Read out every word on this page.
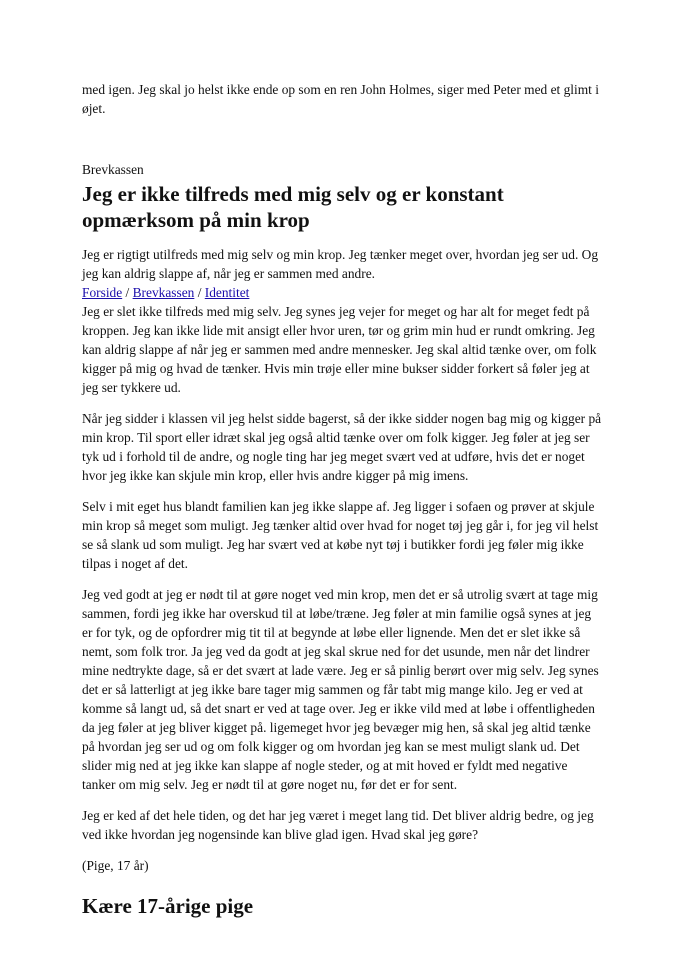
med igen. Jeg skal jo helst ikke ende op som en ren John Holmes, siger med Peter med et glimt i øjet.

Brevkassen

Jeg er ikke tilfreds med mig selv og er konstant opmærksom på min krop

Jeg er rigtigt utilfreds med mig selv og min krop. Jeg tænker meget over, hvordan jeg ser ud. Og jeg kan aldrig slappe af, når jeg er sammen med andre.

Forside / Brevkassen / Identitet

Jeg er slet ikke tilfreds med mig selv. Jeg synes jeg vejer for meget og har alt for meget fedt på kroppen. Jeg kan ikke lide mit ansigt eller hvor uren, tør og grim min hud er rundt omkring. Jeg kan aldrig slappe af når jeg er sammen med andre mennesker. Jeg skal altid tænke over, om folk kigger på mig og hvad de tænker. Hvis min trøje eller mine bukser sidder forkert så føler jeg at jeg ser tykkere ud.

Når jeg sidder i klassen vil jeg helst sidde bagerst, så der ikke sidder nogen bag mig og kigger på min krop. Til sport eller idræt skal jeg også altid tænke over om folk kigger. Jeg føler at jeg ser tyk ud i forhold til de andre, og nogle ting har jeg meget svært ved at udføre, hvis det er noget hvor jeg ikke kan skjule min krop, eller hvis andre kigger på mig imens.

Selv i mit eget hus blandt familien kan jeg ikke slappe af. Jeg ligger i sofaen og prøver at skjule min krop så meget som muligt. Jeg tænker altid over hvad for noget tøj jeg går i, for jeg vil helst se så slank ud som muligt. Jeg har svært ved at købe nyt tøj i butikker fordi jeg føler mig ikke tilpas i noget af det.

Jeg ved godt at jeg er nødt til at gøre noget ved min krop, men det er så utrolig svært at tage mig sammen, fordi jeg ikke har overskud til at løbe/træne. Jeg føler at min familie også synes at jeg er for tyk, og de opfordrer mig tit til at begynde at løbe eller lignende. Men det er slet ikke så nemt, som folk tror. Ja jeg ved da godt at jeg skal skrue ned for det usunde, men når det lindrer mine nedtrykte dage, så er det svært at lade være. Jeg er så pinlig berørt over mig selv. Jeg synes det er så latterligt at jeg ikke bare tager mig sammen og får tabt mig mange kilo. Jeg er ved at komme så langt ud, så det snart er ved at tage over. Jeg er ikke vild med at løbe i offentligheden da jeg føler at jeg bliver kigget på. ligemeget hvor jeg bevæger mig hen, så skal jeg altid tænke på hvordan jeg ser ud og om folk kigger og om hvordan jeg kan se mest muligt slank ud. Det slider mig ned at jeg ikke kan slappe af nogle steder, og at mit hoved er fyldt med negative tanker om mig selv. Jeg er nødt til at gøre noget nu, før det er for sent.

Jeg er ked af det hele tiden, og det har jeg været i meget lang tid. Det bliver aldrig bedre, og jeg ved ikke hvordan jeg nogensinde kan blive glad igen. Hvad skal jeg gøre?

(Pige, 17 år)

Kære 17-årige pige
